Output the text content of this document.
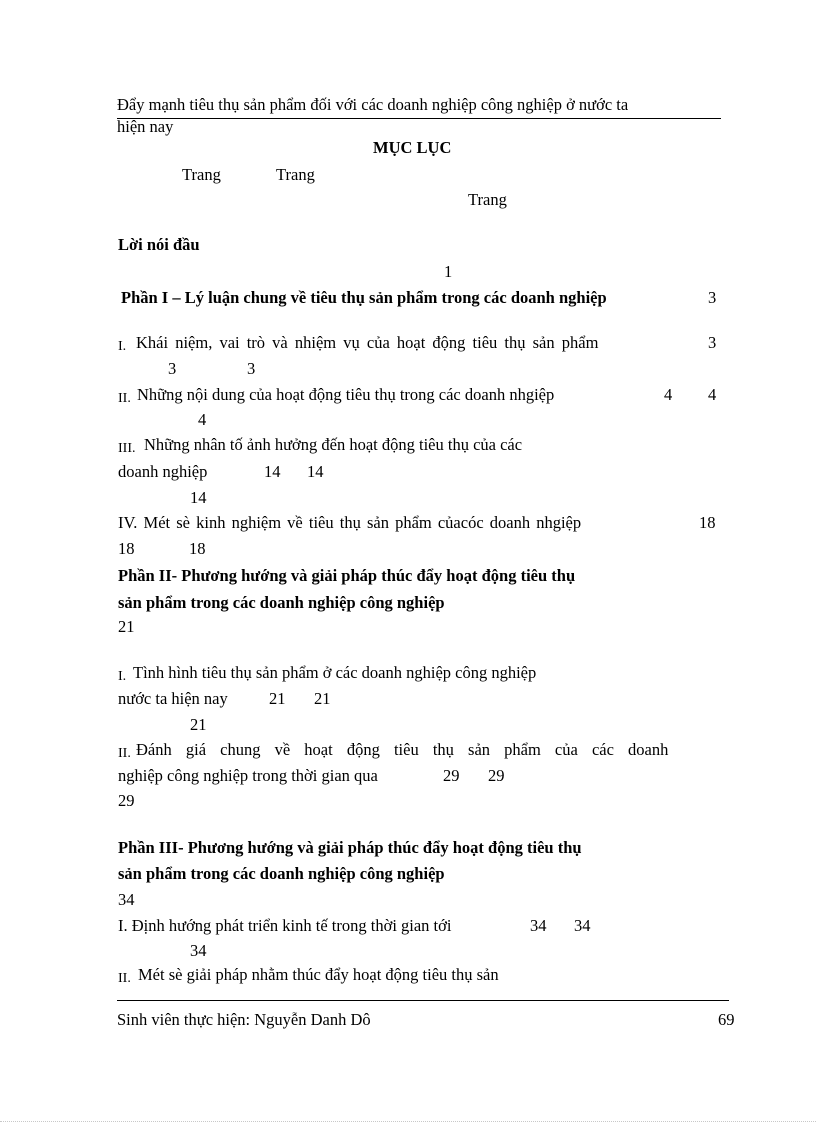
Đẩy mạnh tiêu thụ sản phẩm đối với các doanh nghiệp công nghiệp ở nước ta
hiện nay
MỤC LỤC
Trang	Trang
Trang
Lời nói đầu
1
Phần I – Lý luận chung về tiêu thụ sản phẩm trong các doanh nghiệp	3
I. Khái niệm, vai trò và nhiệm vụ của hoạt động tiêu thụ sản phẩm	3
3	3
II. Những nội dung của hoạt động tiêu thụ trong các doanh nhgiệp	4 4
4
III. Những nhân tố ảnh hưởng đến hoạt động tiêu thụ của các
doanh nghiệp	14 14
14
IV. Mét sè kinh nghiệm về tiêu thụ sản phẩm củacóc doanh nhgiệp	18
18	18
Phần II- Phương hướng và giải pháp thúc đẩy hoạt động tiêu thụ
sản phẩm trong các doanh nghiệp công nghiệp
21
I. Tình hình tiêu thụ sản phẩm ở các doanh nghiệp công nghiệp
nước ta hiện nay 21 21
21
II. Đánh giá chung về hoạt động tiêu thụ sản phẩm của các doanh
nghiệp công nghiệp trong thời gian qua	29 29
29
Phần III- Phương hướng và giải pháp thúc đẩy hoạt động tiêu thụ
sản phẩm trong các doanh nghiệp công nghiệp
34
I. Định hướng phát triển kinh tế trong thời gian tới	34 34
34
II. Mét sè giải pháp nhằm thúc đẩy hoạt động tiêu thụ sản
Sinh viên thực hiện: Nguyễn Danh Dô	69
